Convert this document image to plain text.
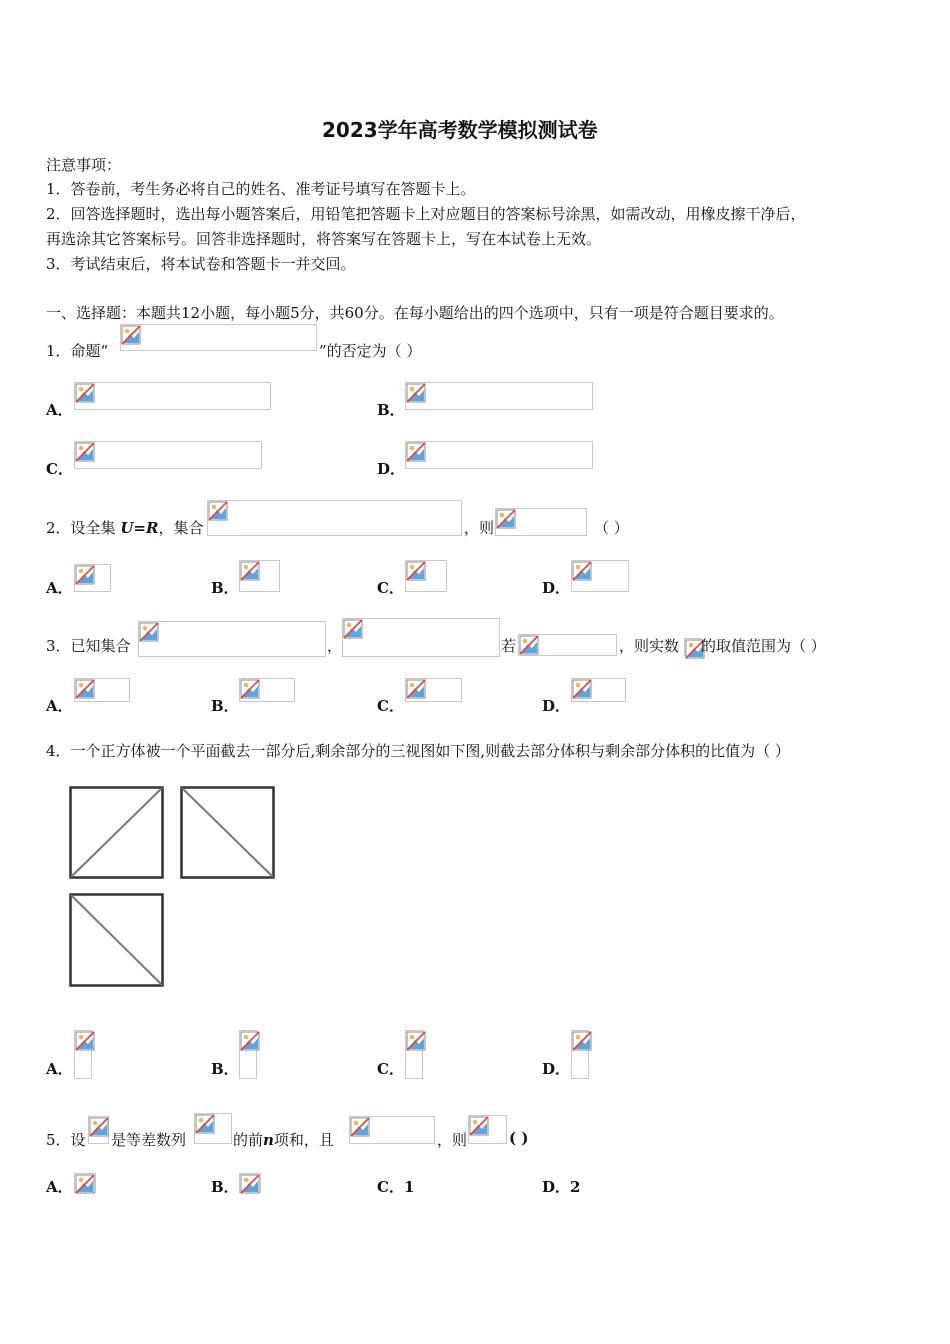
2023学年高考数学模拟测试卷
注意事项：
1．答卷前，考生务必将自己的姓名、准考证号填写在答题卡上。
2．回答选择题时，选出每小题答案后，用铅笔把答题卡上对应题目的答案标号涂黑，如需改动，用橡皮擦干净后，
再选涂其它答案标号。回答非选择题时，将答案写在答题卡上，写在本试卷上无效。
3．考试结束后，将本试卷和答题卡一并交回。
一、选择题：本题共12小题，每小题5分，共60分。在每小题给出的四个选项中，只有一项是符合题目要求的。
1．命题“	”的否定为（ ）
A．	B．
C．	D．
2．设全集 U=R，集合	，则	（ ）
A．	B．	C．	D．
3．已知集合	，	若	，则实数 的取值范围为（ ）
A．	B．	C．	D．
4．一个正方体被一个平面截去一部分后,剩余部分的三视图如下图,则截去部分体积与剩余部分体积的比值为（ ）
A．	B．	C．	D．
5．设 是等差数列	的前n项和，且	，则	( )
A．	B．	C．1	D．2
